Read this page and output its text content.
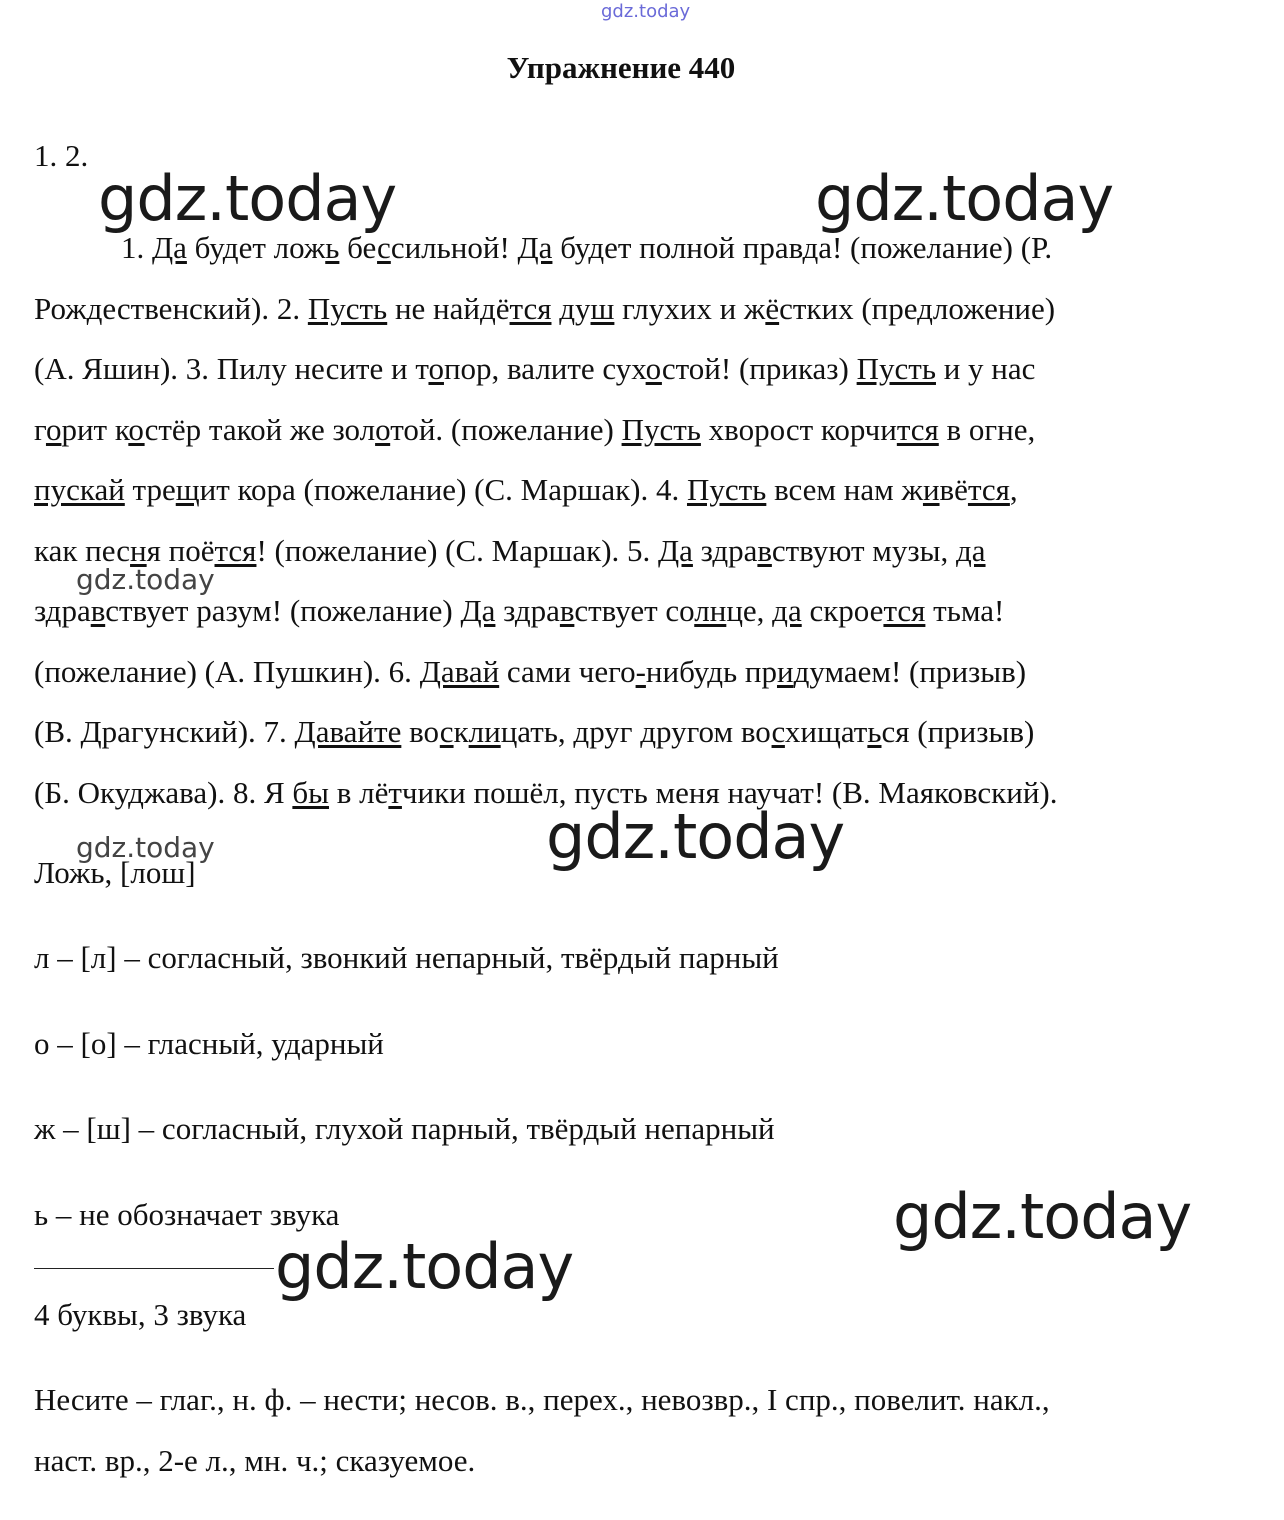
gdz.today
Упражнение 440
1. 2.
1. Да будет ложь бессильной! Да будет полной правда! (пожелание) (Р.
Рождественский). 2. Пусть не найдётся душ глухих и жёстких (предложение)
(А. Яшин). 3. Пилу несите и топор, валите сухостой! (приказ) Пусть и у нас
горит костёр такой же золотой. (пожелание) Пусть хворост корчится в огне,
пускай трещит кора (пожелание) (С. Маршак). 4. Пусть всем нам живётся,
как песня поётся! (пожелание) (С. Маршак). 5. Да здравствуют музы, да
здравствует разум! (пожелание) Да здравствует солнце, да скроется тьма!
(пожелание) (А. Пушкин). 6. Давай сами чего-нибудь придумаем! (призыв)
(В. Драгунский). 7. Давайте восклицать, друг другом восхищаться (призыв)
(Б. Окуджава). 8. Я бы в лётчики пошёл, пусть меня научат! (В. Маяковский).
Ложь, [лош]
л – [л] – согласный, звонкий непарный, твёрдый парный
о – [о] – гласный, ударный
ж – [ш] – согласный, глухой парный, твёрдый непарный
ь – не обозначает звука
4 буквы, 3 звука
Несите – глаг., н. ф. – нести; несов. в., перех., невозвр., I спр., повелит. накл.,
наст. вр., 2-е л., мн. ч.; сказуемое.
gdz.today	gdz.today
gdz.today
gdz.today
gdz.today
gdz.today
gdz.today
